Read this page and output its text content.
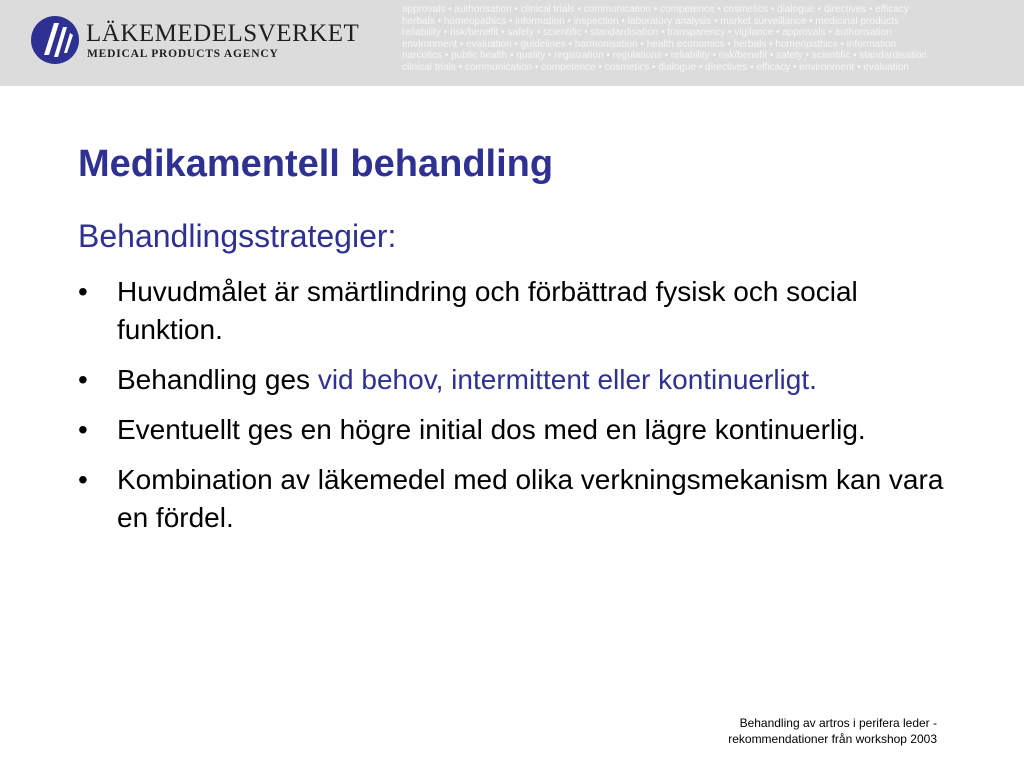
LÄKEMEDELSVERKET
MEDICAL PRODUCTS AGENCY
approvals • authorisation • clinical trials • communication • competence • cosmetics • dialogue • directives • efficacy
herbals • homeopathics • information • inspection • laboratory analysis • market surveillance • medicinal products
reliability • risk/benefit • safety • scientific • standardisation • transparency • vigilance • approvals • authorisation
environment • evaluation • guidelines • harmonisation • health economics • herbals • homeopathics • information
narcotics • public health • quality • registration • regulations • reliability • risk/benefit • safety • scientific • standardisation
clinical trials • communication • competence • cosmetics • dialogue • directives • efficacy • environment • evaluation
Medikamentell behandling
Behandlingsstrategier:
•	Huvudmålet är smärtlindring och förbättrad fysisk och social funktion.
•	Behandling ges vid behov, intermittent eller kontinuerligt.
•	Eventuellt ges en högre initial dos med en lägre kontinuerlig.
•	Kombination av läkemedel med olika verkningsmekanism kan vara en fördel.
Behandling av artros i perifera leder -
rekommendationer från workshop 2003
